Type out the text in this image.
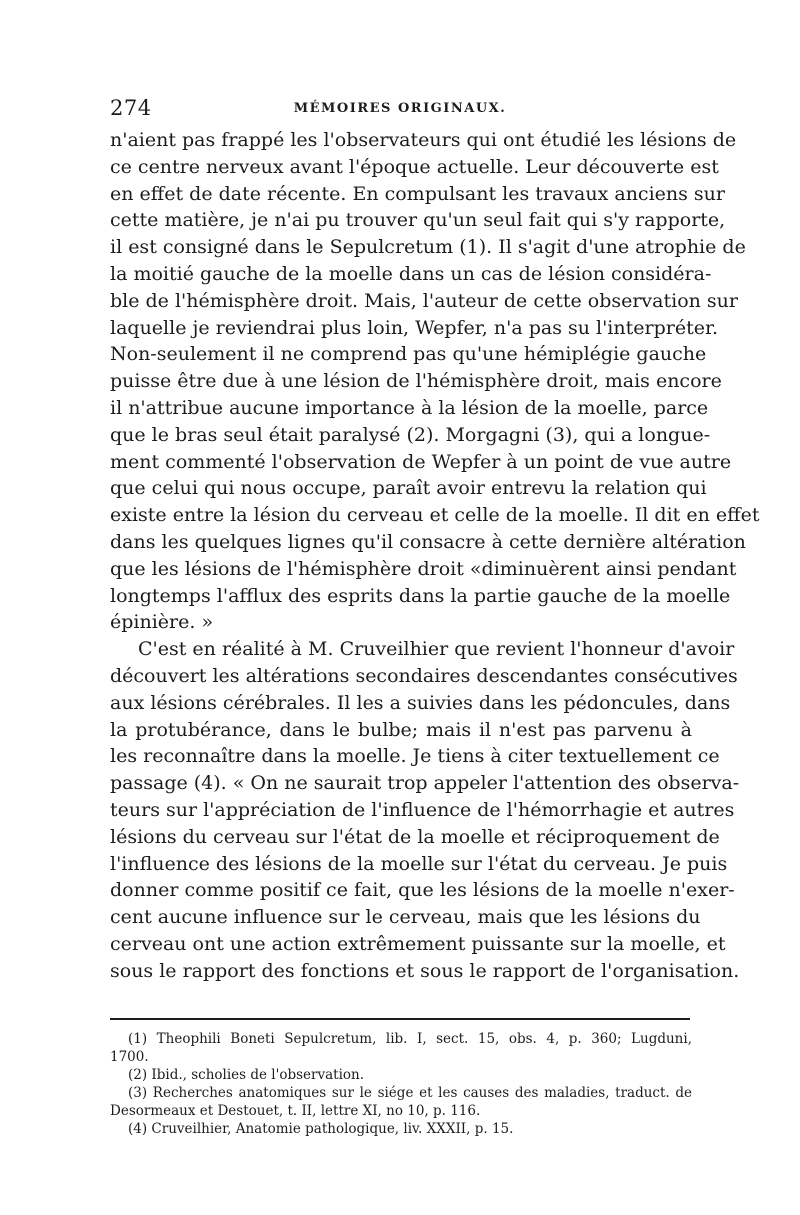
274	MÉMOIRES ORIGINAUX.
n'aient pas frappé les l'observateurs qui ont étudié les lésions de
ce centre nerveux avant l'époque actuelle. Leur découverte est
en effet de date récente. En compulsant les travaux anciens sur
cette matière, je n'ai pu trouver qu'un seul fait qui s'y rapporte,
il est consigné dans le Sepulcretum (1). Il s'agit d'une atrophie de
la moitié gauche de la moelle dans un cas de lésion considéra-
ble de l'hémisphère droit. Mais, l'auteur de cette observation sur
laquelle je reviendrai plus loin, Wepfer, n'a pas su l'interpréter.
Non-seulement il ne comprend pas qu'une hémiplégie gauche
puisse être due à une lésion de l'hémisphère droit, mais encore
il n'attribue aucune importance à la lésion de la moelle, parce
que le bras seul était paralysé (2). Morgagni (3), qui a longue-
ment commenté l'observation de Wepfer à un point de vue autre
que celui qui nous occupe, paraît avoir entrevu la relation qui
existe entre la lésion du cerveau et celle de la moelle. Il dit en effet
dans les quelques lignes qu'il consacre à cette dernière altération
que les lésions de l'hémisphère droit «diminuèrent ainsi pendant
longtemps l'afflux des esprits dans la partie gauche de la moelle
épinière. »
C'est en réalité à M. Cruveilhier que revient l'honneur d'avoir
découvert les altérations secondaires descendantes consécutives
aux lésions cérébrales. Il les a suivies dans les pédoncules, dans
la protubérance, dans le bulbe; mais il n'est pas parvenu à
les reconnaître dans la moelle. Je tiens à citer textuellement ce
passage (4). « On ne saurait trop appeler l'attention des observa-
teurs sur l'appréciation de l'influence de l'hémorrhagie et autres
lésions du cerveau sur l'état de la moelle et réciproquement de
l'influence des lésions de la moelle sur l'état du cerveau. Je puis
donner comme positif ce fait, que les lésions de la moelle n'exer-
cent aucune influence sur le cerveau, mais que les lésions du
cerveau ont une action extrêmement puissante sur la moelle, et
sous le rapport des fonctions et sous le rapport de l'organisation.
(1) Theophili Boneti Sepulcretum, lib. I, sect. 15, obs. 4, p. 360; Lugduni,
1700.
(2) Ibid., scholies de l'observation.
(3) Recherches anatomiques sur le siége et les causes des maladies, traduct. de
Desormeaux et Destouet, t. II, lettre XI, no 10, p. 116.
(4) Cruveilhier, Anatomie pathologique, liv. XXXII, p. 15.
